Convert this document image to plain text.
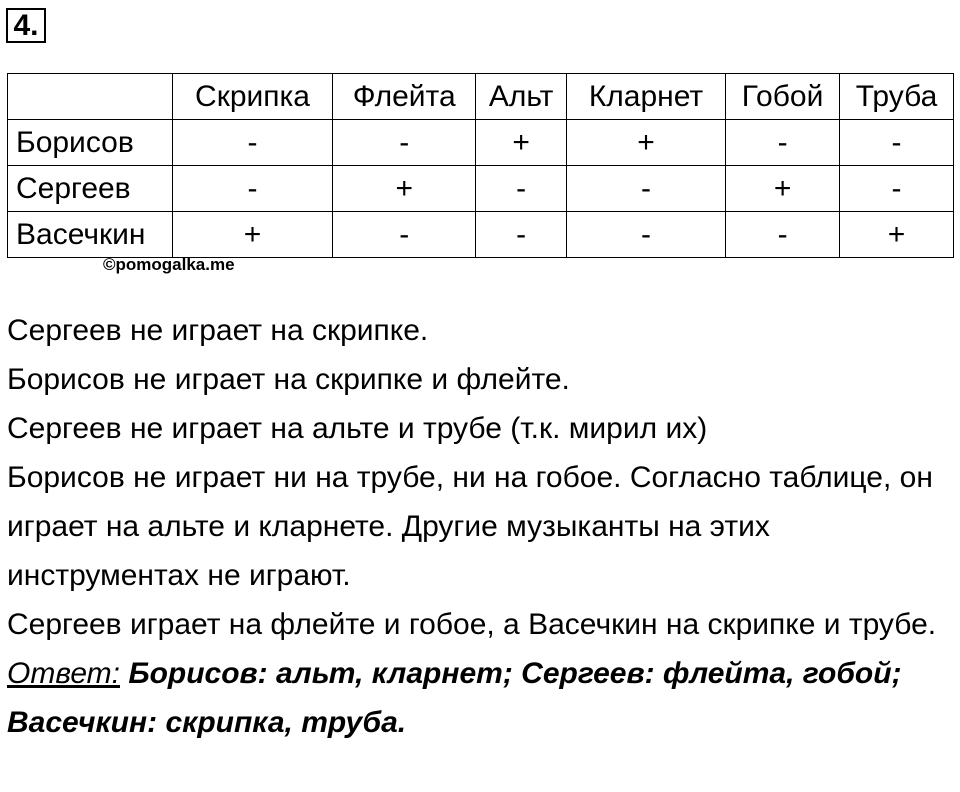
4.
	Скрипка	Флейта	Альт	Кларнет	Гобой	Труба
Борисов	-	-	+	+	-	-
Сергеев	-	+	-	-	+	-
Васечкин	+	-	-	-	-	+
©pomogalka.me

Сергеев не играет на скрипке.

Борисов не играет на скрипке и флейте.

Сергеев не играет на альте и трубе (т.к. мирил их)

Борисов не играет ни на трубе, ни на гобое. Согласно таблице, он играет на альте и кларнете. Другие музыканты на этих инструментах не играют.

Сергеев играет на флейте и гобое, а Васечкин на скрипке и трубе.

Ответ: Борисов: альт, кларнет; Сергеев: флейта, гобой; Васечкин: скрипка, труба.
